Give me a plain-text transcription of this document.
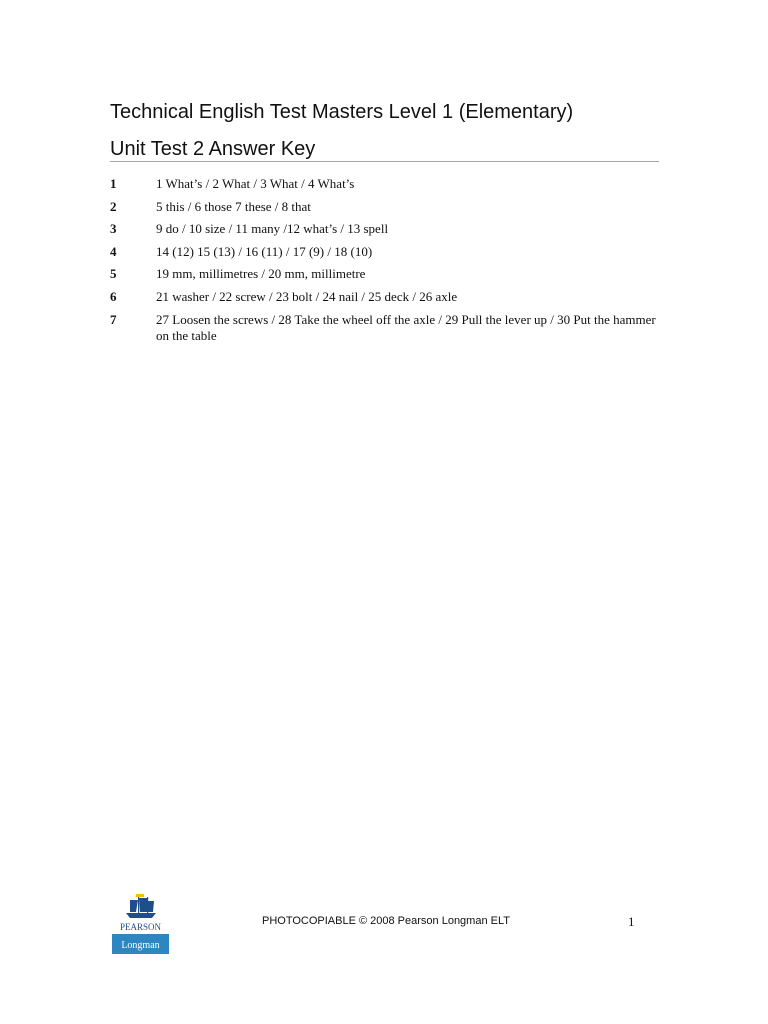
Technical English Test Masters Level 1 (Elementary)
Unit Test 2 Answer Key
1	1 What’s / 2 What / 3 What / 4 What’s
2	5 this / 6 those 7 these / 8 that
3	9 do / 10 size / 11 many /12 what’s / 13 spell
4	14 (12) 15 (13) / 16 (11) / 17 (9) / 18 (10)
5	19 mm, millimetres / 20 mm, millimetre
6	21 washer / 22 screw / 23 bolt / 24 nail / 25 deck / 26 axle
7	27 Loosen the screws / 28 Take the wheel off the axle / 29 Pull the lever up / 30 Put the hammer on the table
PEARSON
Longman
PHOTOCOPIABLE © 2008 Pearson Longman ELT	1
